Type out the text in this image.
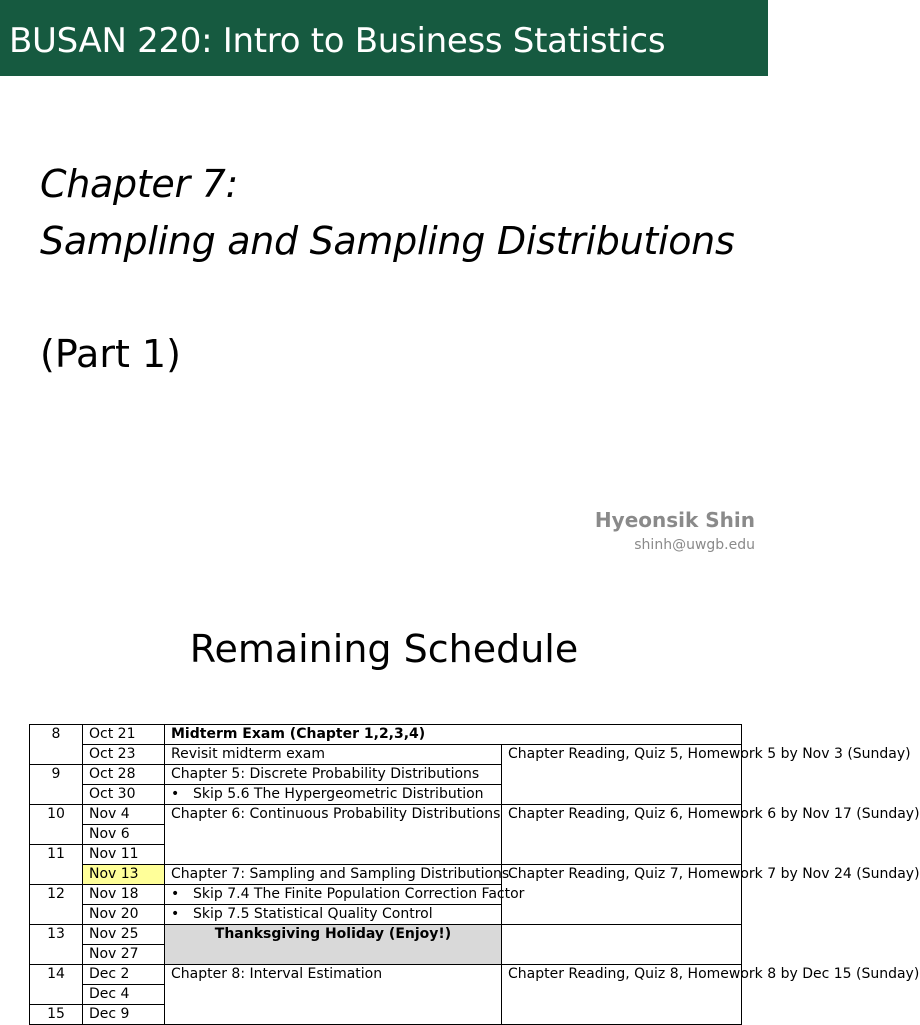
BUSAN 220: Intro to Business Statistics
Chapter 7:
Sampling and Sampling Distributions
(Part 1)
Hyeonsik Shin
shinh@uwgb.edu
Remaining Schedule
8	Oct 21	Midterm Exam (Chapter 1,2,3,4)	
	Oct 23	Revisit midterm exam	Chapter Reading, Quiz 5, Homework 5 by Nov 3 (Sunday)
9	Oct 28	Chapter 5: Discrete Probability Distributions	
	Oct 30	• Skip 5.6 The Hypergeometric Distribution	
10	Nov 4	Chapter 6: Continuous Probability Distributions	Chapter Reading, Quiz 6, Homework 6 by Nov 17 (Sunday)
	Nov 6		
11	Nov 11		
	Nov 13	Chapter 7: Sampling and Sampling Distributions	Chapter Reading, Quiz 7, Homework 7 by Nov 24 (Sunday)
12	Nov 18	• Skip 7.4 The Finite Population Correction Factor	
	Nov 20	• Skip 7.5 Statistical Quality Control	
13	Nov 25	Thanksgiving Holiday (Enjoy!)	
	Nov 27		
14	Dec 2	Chapter 8: Interval Estimation	Chapter Reading, Quiz 8, Homework 8 by Dec 15 (Sunday)
	Dec 4		
15	Dec 9		
